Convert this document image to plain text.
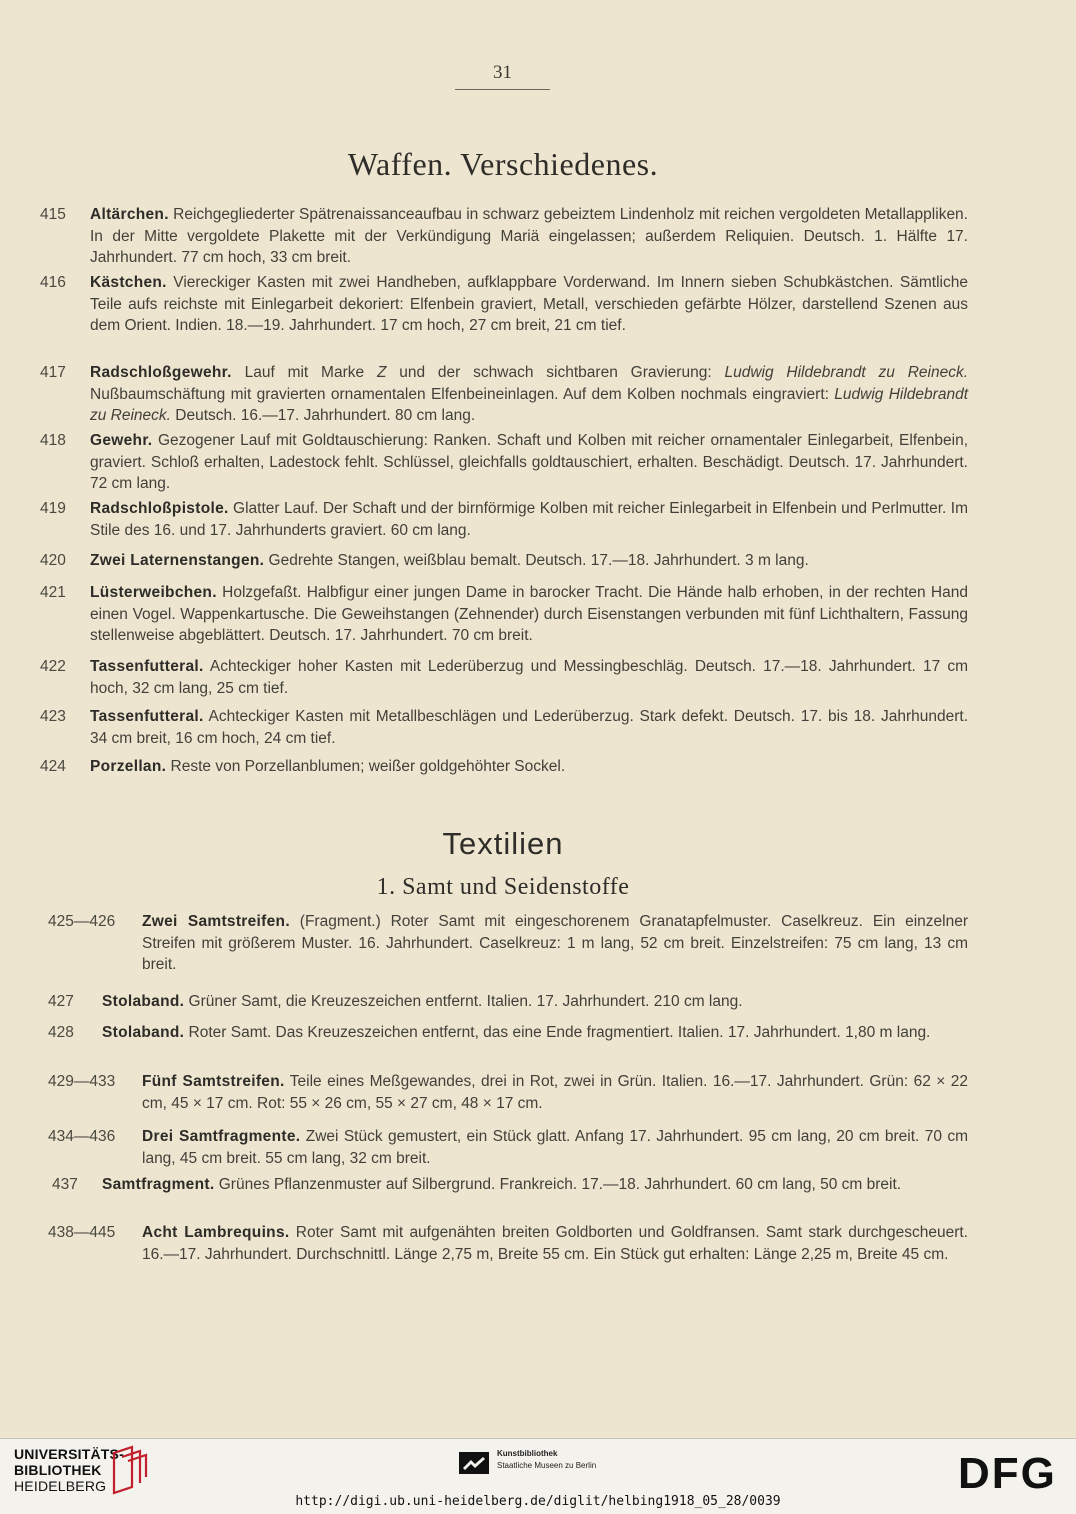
31
Waffen. Verschiedenes.
415 Altärchen. Reichgegliederter Spätrenaissanceaufbau in schwarz gebeiztem Lindenholz mit reichen vergoldeten Metallappliken. In der Mitte vergoldete Plakette mit der Verkündigung Mariä eingelassen; außerdem Reliquien. Deutsch. 1. Hälfte 17. Jahrhundert. 77 cm hoch, 33 cm breit.
416 Kästchen. Viereckiger Kasten mit zwei Handheben, aufklappbare Vorderwand. Im Innern sieben Schubkästchen. Sämtliche Teile aufs reichste mit Einlegarbeit dekoriert: Elfenbein graviert, Metall, verschieden gefärbte Hölzer, darstellend Szenen aus dem Orient. Indien. 18.—19. Jahrhundert. 17 cm hoch, 27 cm breit, 21 cm tief.
417 Radschloßgewehr. Lauf mit Marke Z und der schwach sichtbaren Gravierung: Ludwig Hildebrandt zu Reineck. Nußbaumschäftung mit gravierten ornamentalen Elfenbeineinlagen. Auf dem Kolben nochmals eingraviert: Ludwig Hildebrandt zu Reineck. Deutsch. 16.—17. Jahrhundert. 80 cm lang.
418 Gewehr. Gezogener Lauf mit Goldtauschierung: Ranken. Schaft und Kolben mit reicher ornamentaler Einlegarbeit, Elfenbein, graviert. Schloß erhalten, Ladestock fehlt. Schlüssel, gleichfalls goldtauschiert, erhalten. Beschädigt. Deutsch. 17. Jahrhundert. 72 cm lang.
419 Radschloßpistole. Glatter Lauf. Der Schaft und der birnförmige Kolben mit reicher Einlegarbeit in Elfenbein und Perlmutter. Im Stile des 16. und 17. Jahrhunderts graviert. 60 cm lang.
420 Zwei Laternenstangen. Gedrehte Stangen, weißblau bemalt. Deutsch. 17.—18. Jahrhundert. 3 m lang.
421 Lüsterweibchen. Holzgefaßt. Halbfigur einer jungen Dame in barocker Tracht. Die Hände halb erhoben, in der rechten Hand einen Vogel. Wappenkartusche. Die Geweihstangen (Zehnender) durch Eisenstangen verbunden mit fünf Lichthaltern, Fassung stellenweise abgeblättert. Deutsch. 17. Jahrhundert. 70 cm breit.
422 Tassenfutteral. Achteckiger hoher Kasten mit Lederüberzug und Messingbeschläg. Deutsch. 17.—18. Jahrhundert. 17 cm hoch, 32 cm lang, 25 cm tief.
423 Tassenfutteral. Achteckiger Kasten mit Metallbeschlägen und Lederüberzug. Stark defekt. Deutsch. 17. bis 18. Jahrhundert. 34 cm breit, 16 cm hoch, 24 cm tief.
424 Porzellan. Reste von Porzellanblumen; weißer goldgehöhter Sockel.
Textilien
1. Samt und Seidenstoffe
425—426 Zwei Samtstreifen. (Fragment.) Roter Samt mit eingeschorenem Granatapfelmuster. Caselkreuz. Ein einzelner Streifen mit größerem Muster. 16. Jahrhundert. Caselkreuz: 1 m lang, 52 cm breit. Einzelstreifen: 75 cm lang, 13 cm breit.
427 Stolaband. Grüner Samt, die Kreuzeszeichen entfernt. Italien. 17. Jahrhundert. 210 cm lang.
428 Stolaband. Roter Samt. Das Kreuzeszeichen entfernt, das eine Ende fragmentiert. Italien. 17. Jahrhundert. 1,80 m lang.
429—433 Fünf Samtstreifen. Teile eines Meßgewandes, drei in Rot, zwei in Grün. Italien. 16.—17. Jahrhundert. Grün: 62 × 22 cm, 45 × 17 cm. Rot: 55 × 26 cm, 55 × 27 cm, 48 × 17 cm.
434—436 Drei Samtfragmente. Zwei Stück gemustert, ein Stück glatt. Anfang 17. Jahrhundert. 95 cm lang, 20 cm breit. 70 cm lang, 45 cm breit. 55 cm lang, 32 cm breit.
437 Samtfragment. Grünes Pflanzenmuster auf Silbergrund. Frankreich. 17.—18. Jahrhundert. 60 cm lang, 50 cm breit.
438—445 Acht Lambrequins. Roter Samt mit aufgenähten breiten Goldborten und Goldfransen. Samt stark durchgescheuert. 16.—17. Jahrhundert. Durchschnittl. Länge 2,75 m, Breite 55 cm. Ein Stück gut erhalten: Länge 2,25 m, Breite 45 cm.
UNIVERSITÄTS-
BIBLIOTHEK
HEIDELBERG
Kunstbibliothek
Staatliche Museen zu Berlin	DFG
http://digi.ub.uni-heidelberg.de/diglit/helbing1918_05_28/0039
